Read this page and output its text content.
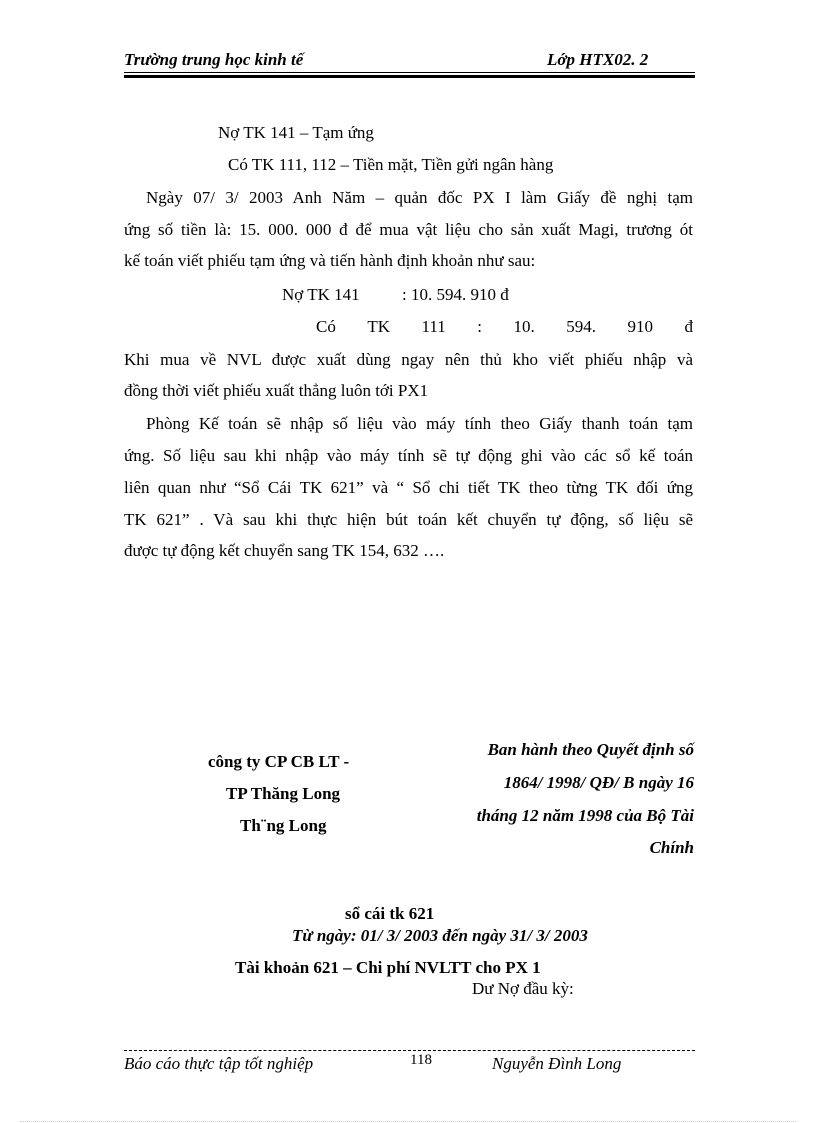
Trường trung học kinh tế	Lớp HTX02. 2
Nợ TK 141 – Tạm ứng
Có TK 111, 112 – Tiền mặt, Tiền gửi ngân hàng
Ngày 07/ 3/ 2003 Anh Năm – quản đốc PX I làm Giấy đề nghị tạm
ứng số tiền là: 15. 000. 000 đ để mua vật liệu cho sản xuất Magi, trương ót
kế toán viết phiếu tạm ứng và tiến hành định khoản như sau:
Nợ TK 141 : 10. 594. 910 đ
Có TK 111 : 10. 594. 910 đ
Khi mua về NVL được xuất dùng ngay nên thủ kho viết phiếu nhập và
đồng thời viết phiếu xuất thẳng luôn tới PX1
Phòng Kế toán sẽ nhập số liệu vào máy tính theo Giấy thanh toán tạm
ứng. Số liệu sau khi nhập vào máy tính sẽ tự động ghi vào các sổ kế toán
liên quan như “Sổ Cái TK 621” và “ Sổ chi tiết TK theo từng TK đối ứng
TK 621” . Và sau khi thực hiện bút toán kết chuyển tự động, số liệu sẽ
được tự động kết chuyển sang TK 154, 632 ….
công ty CP CB LT -
TP Thăng Long
Th¨ng Long
Ban hành theo Quyết định số
1864/ 1998/ QĐ/ B ngày 16
tháng 12 năm 1998 của Bộ Tài
Chính
sổ cái tk 621
Từ ngày: 01/ 3/ 2003 đến ngày 31/ 3/ 2003
Tài khoản 621 – Chi phí NVLTT cho PX 1
Dư Nợ đầu kỳ:
Báo cáo thực tập tốt nghiệp	118	Nguyễn Đình Long
